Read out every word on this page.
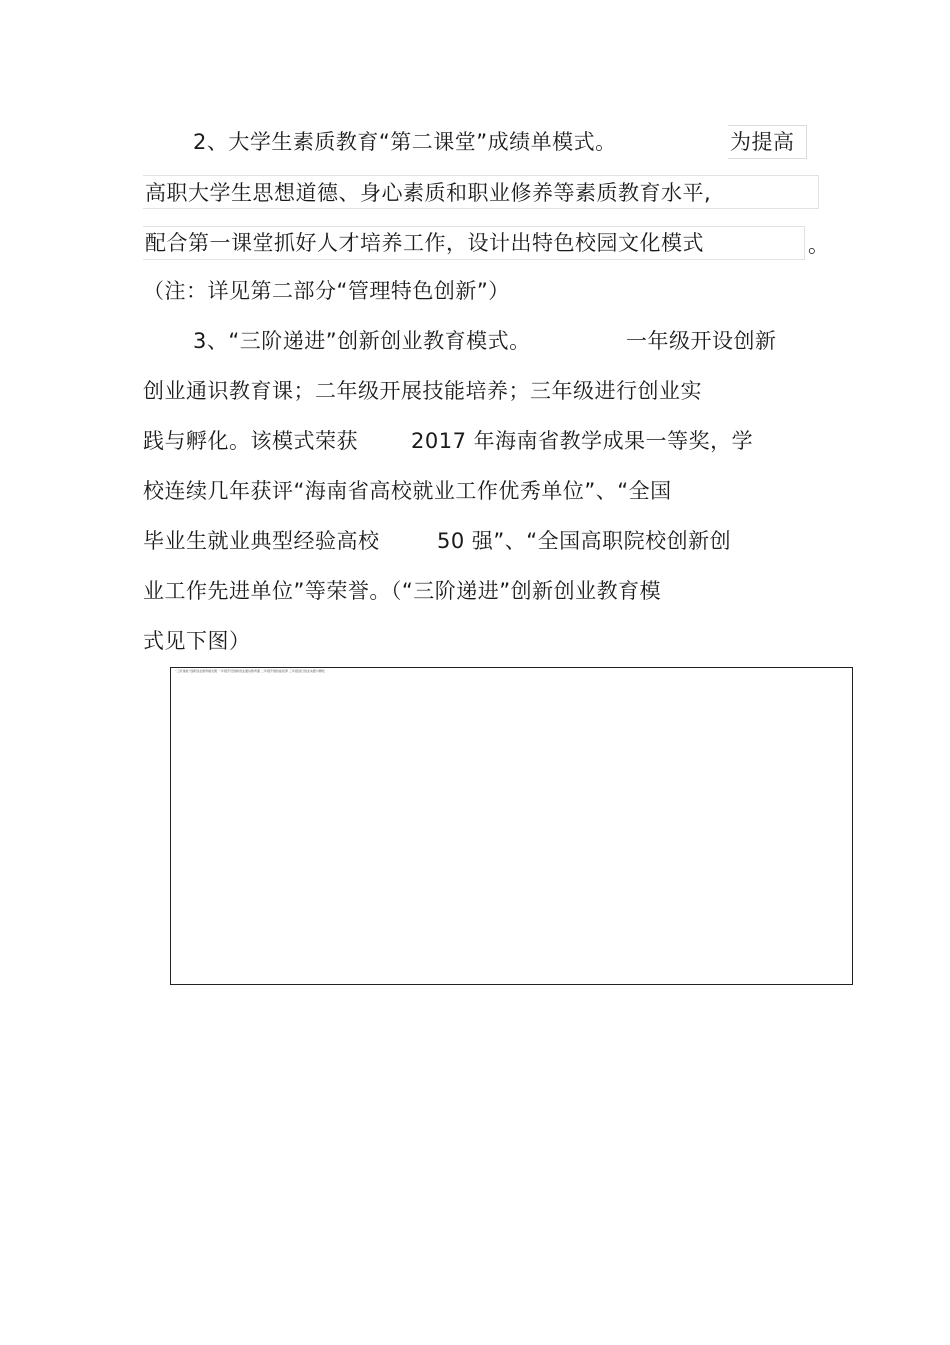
2、大学生素质教育“第二课堂”成绩单模式。	为提高
高职大学生思想道德、身心素质和职业修养等素质教育水平,
配合第一课堂抓好人才培养工作，设计出特色校园文化模式	。
（注：详见第二部分“管理特色创新”）
3、“三阶递进”创新创业教育模式。	一年级开设创新
创业通识教育课；二年级开展技能培养；三年级进行创业实
践与孵化。该模式荣获	2017 年海南省教学成果一等奖，学
校连续几年获评“海南省高校就业工作优秀单位”、“全国
毕业生就业典型经验高校	50 强”、“全国高职院校创新创
业工作先进单位”等荣誉。（“三阶递进”创新创业教育模
式见下图）
“三阶递进”创新创业教育模式图 一年级开设创新创业通识教育课 二年级开展技能培养 三年级进行创业实践与孵化
